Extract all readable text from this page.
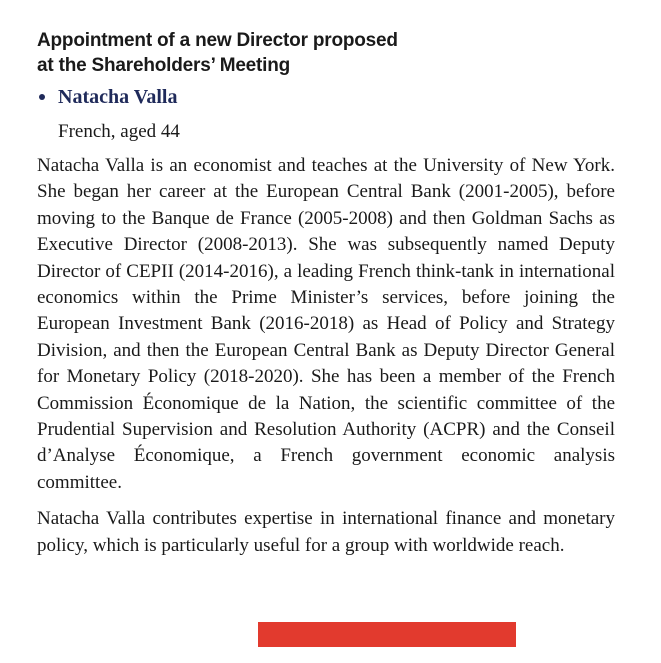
Appointment of a new Director proposed
at the Shareholders’ Meeting
Natacha Valla
French, aged 44

Natacha Valla is an economist and teaches at the University of New York. She began her career at the European Central Bank (2001-2005), before moving to the Banque de France (2005-2008) and then Goldman Sachs as Executive Director (2008-2013). She was subsequently named Deputy Director of CEPII (2014-2016), a leading French think-tank in international economics within the Prime Minister’s services, before joining the European Investment Bank (2016-2018) as Head of Policy and Strategy Division, and then the European Central Bank as Deputy Director General for Monetary Policy (2018-2020). She has been a member of the French Commission Économique de la Nation, the scientific committee of the Prudential Supervision and Resolution Authority (ACPR) and the Conseil d’Analyse Économique, a French government economic analysis committee.

Natacha Valla contributes expertise in international finance and monetary policy, which is particularly useful for a group with worldwide reach.
